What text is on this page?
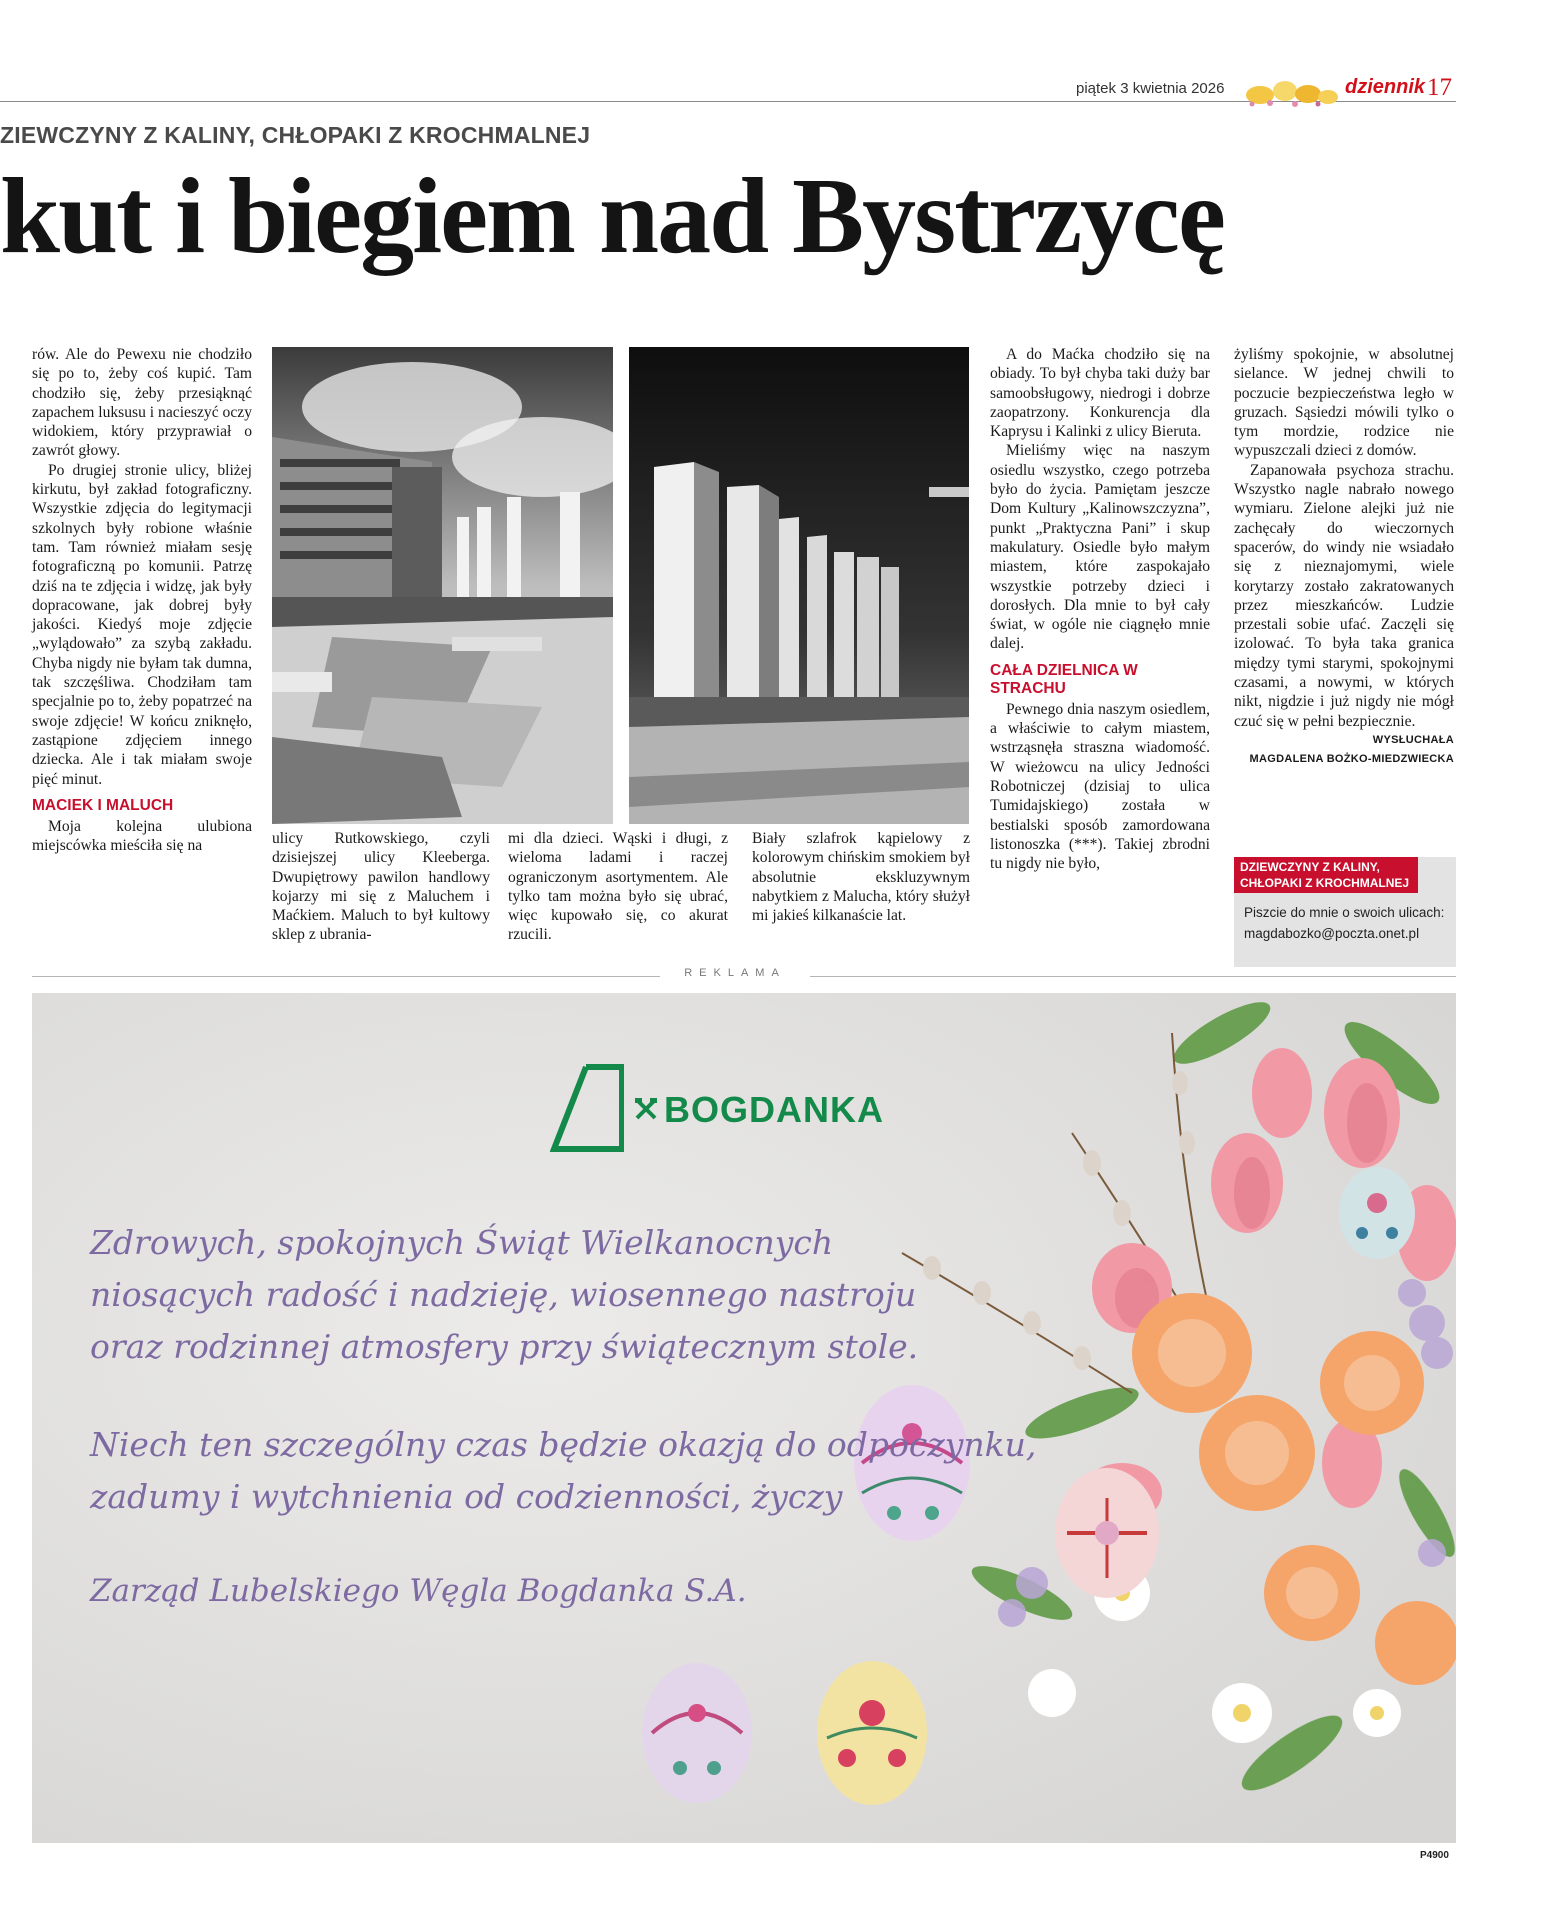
piątek 3 kwietnia 2026	dziennik 17
ZIEWCZYNY Z KALINY, CHŁOPAKI Z KROCHMALNEJ
kut i biegiem nad Bystrzycę

rów. Ale do Pewexu nie chodziło się po to, żeby coś kupić. Tam chodziło się, żeby przesiąknąć zapachem luksusu i nacieszyć oczy widokiem, który przyprawiał o zawrót głowy.

Po drugiej stronie ulicy, bliżej kirkutu, był zakład fotograficzny. Wszystkie zdjęcia do legitymacji szkolnych były robione właśnie tam. Tam również miałam sesję fotograficzną po komunii. Patrzę dziś na te zdjęcia i widzę, jak były dopracowane, jak dobrej były jakości. Kiedyś moje zdjęcie „wylądowało” za szybą zakładu. Chyba nigdy nie byłam tak dumna, tak szczęśliwa. Chodziłam tam specjalnie po to, żeby popatrzeć na swoje zdjęcie! W końcu zniknęło, zastąpione zdjęciem innego dziecka. Ale i tak miałam swoje pięć minut.

MACIEK I MALUCH

Moja kolejna ulubiona miejscówka mieściła się na	ulicy Rutkowskiego, czyli dzisiejszej ulicy Kleeberga. Dwupiętrowy pawilon handlowy kojarzy mi się z Maluchem i Maćkiem. Maluch to był kultowy sklep z ubrania-

mi dla dzieci. Wąski i długi, z wieloma ladami i raczej ograniczonym asortymentem. Ale tylko tam można było się ubrać, więc kupowało się, co akurat rzucili.

Biały szlafrok kąpielowy z kolorowym chińskim smokiem był absolutnie ekskluzywnym nabytkiem z Malucha, który służył mi jakieś kilkanaście lat.

A do Maćka chodziło się na obiady. To był chyba taki duży bar samoobsługowy, niedrogi i dobrze zaopatrzony. Konkurencja dla Kaprysu i Kalinki z ulicy Bieruta.

Mieliśmy więc na naszym osiedlu wszystko, czego potrzeba było do życia. Pamiętam jeszcze Dom Kultury „Kalinowszczyzna”, punkt „Praktyczna Pani” i skup makulatury. Osiedle było małym miastem, które zaspokajało wszystkie potrzeby dzieci i dorosłych. Dla mnie to był cały świat, w ogóle nie ciągnęło mnie dalej.

CAŁA DZIELNICA W STRACHU

Pewnego dnia naszym osiedlem, a właściwie to całym miastem, wstrząsnęła straszna wiadomość. W wieżowcu na ulicy Jedności Robotniczej (dzisiaj to ulica Tumidajskiego) została w bestialski sposób zamordowana listonoszka (***). Takiej zbrodni tu nigdy nie było,

żyliśmy spokojnie, w absolutnej sielance. W jednej chwili to poczucie bezpieczeństwa legło w gruzach. Sąsiedzi mówili tylko o tym mordzie, rodzice nie wypuszczali dzieci z domów.

Zapanowała psychoza strachu. Wszystko nagle nabrało nowego wymiaru. Zielone alejki już nie zachęcały do wieczornych spacerów, do windy nie wsiadało się z nieznajomymi, wiele korytarzy zostało zakratowanych przez mieszkańców. Ludzie przestali sobie ufać. Zaczęli się izolować. To była taka granica między tymi starymi, spokojnymi czasami, a nowymi, w których nikt, nigdzie i już nigdy nie mógł czuć się w pełni bezpiecznie.

WYSŁUCHAŁA
MAGDALENA BOŻKO-MIEDZWIECKA
DZIEWCZYNY Z KALINY, CHŁOPAKI Z KROCHMALNEJ
Piszcie do mnie o swoich ulicach:
magdabozko@poczta.onet.pl
REKLAMA
BOGDANKA
Zdrowych, spokojnych Świąt Wielkanocnych
niosących radość i nadzieję, wiosennego nastroju
oraz rodzinnej atmosfery przy świątecznym stole.
Niech ten szczególny czas będzie okazją do odpoczynku,
zadumy i wytchnienia od codzienności, życzy
Zarząd Lubelskiego Węgla Bogdanka S.A.
P4900
